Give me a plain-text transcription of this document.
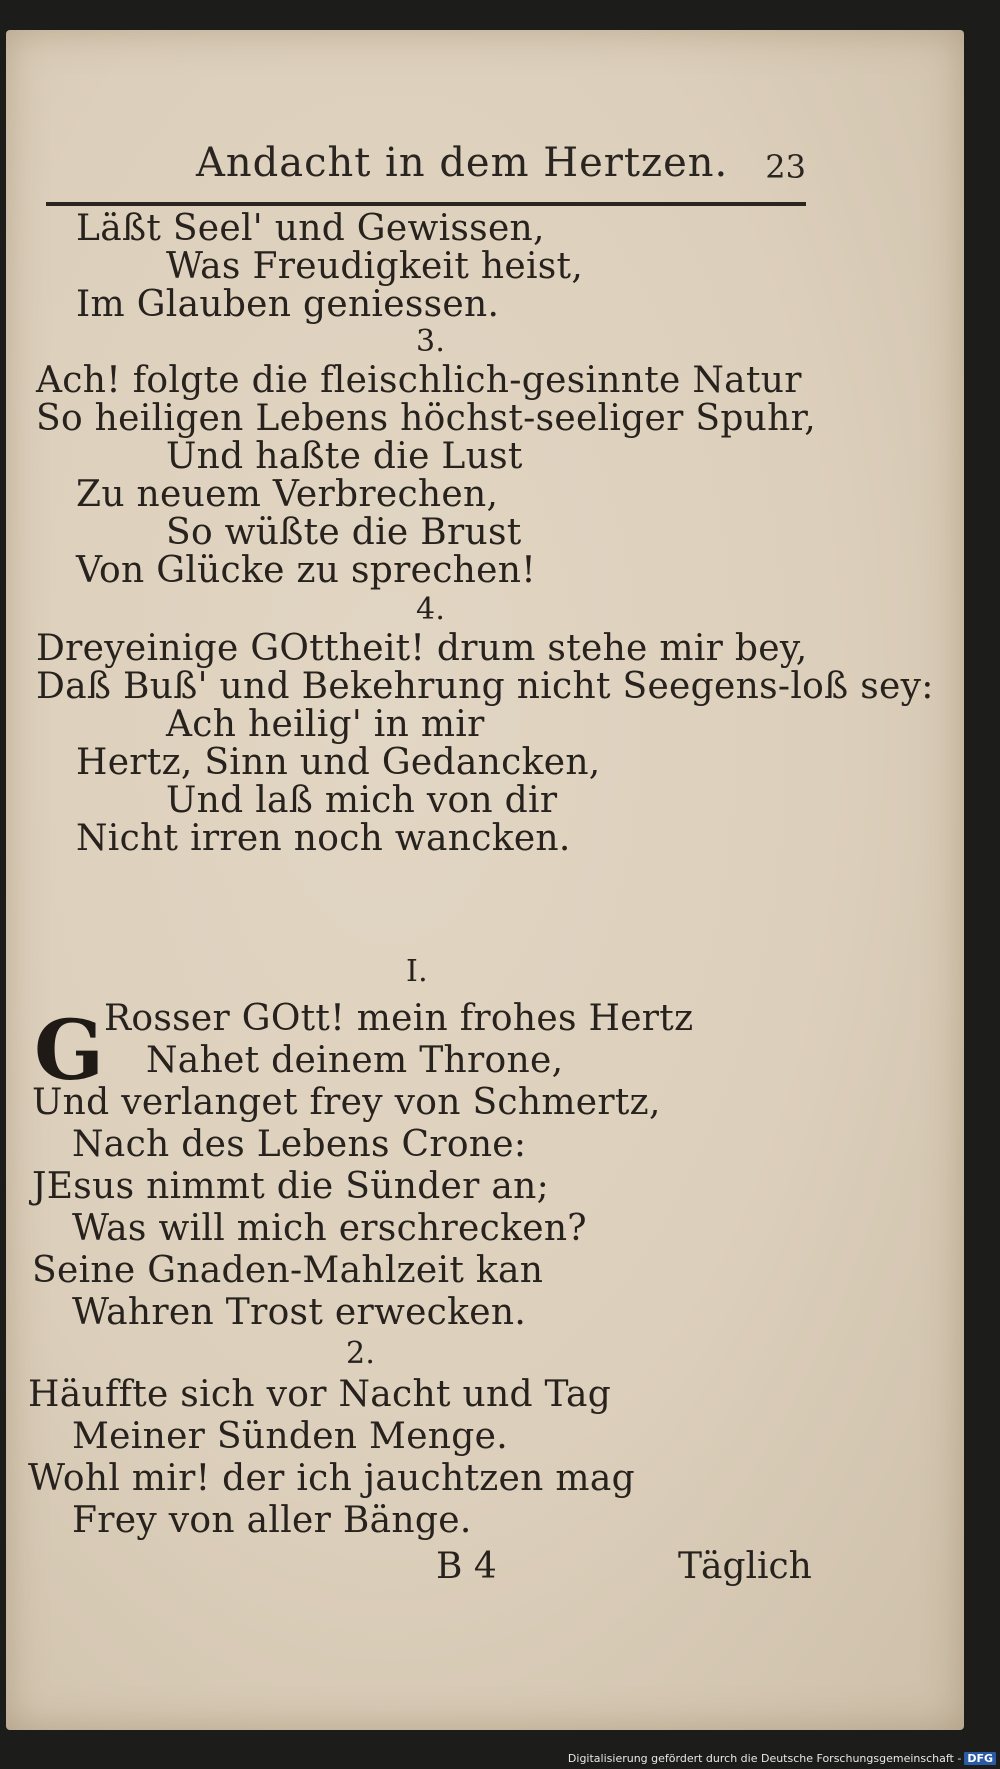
Andacht in dem Hertzen. 23
Läßt Seel' und Gewissen,
Was Freudigkeit heist,
Im Glauben geniessen.
3.
Ach! folgte die fleischlich-gesinnte Natur
So heiligen Lebens höchst-seeliger Spuhr,
Und haßte die Lust
Zu neuem Verbrechen,
So wüßte die Brust
Von Glücke zu sprechen!
4.
Dreyeinige GOttheit! drum stehe mir bey,
Daß Buß' und Bekehrung nicht Seegens-loß sey:
Ach heilig' in mir
Hertz, Sinn und Gedancken,
Und laß mich von dir
Nicht irren noch wancken.
I.
G Rosser GOtt! mein frohes Hertz
Nahet deinem Throne,
Und verlanget frey von Schmertz,
Nach des Lebens Crone:
JEsus nimmt die Sünder an;
Was will mich erschrecken?
Seine Gnaden-Mahlzeit kan
Wahren Trost erwecken.
2.
Häuffte sich vor Nacht und Tag
Meiner Sünden Menge.
Wohl mir! der ich jauchtzen mag
Frey von aller Bänge.
B 4	Täglich
Digitalisierung gefördert durch die Deutsche Forschungsgemeinschaft - DFG
